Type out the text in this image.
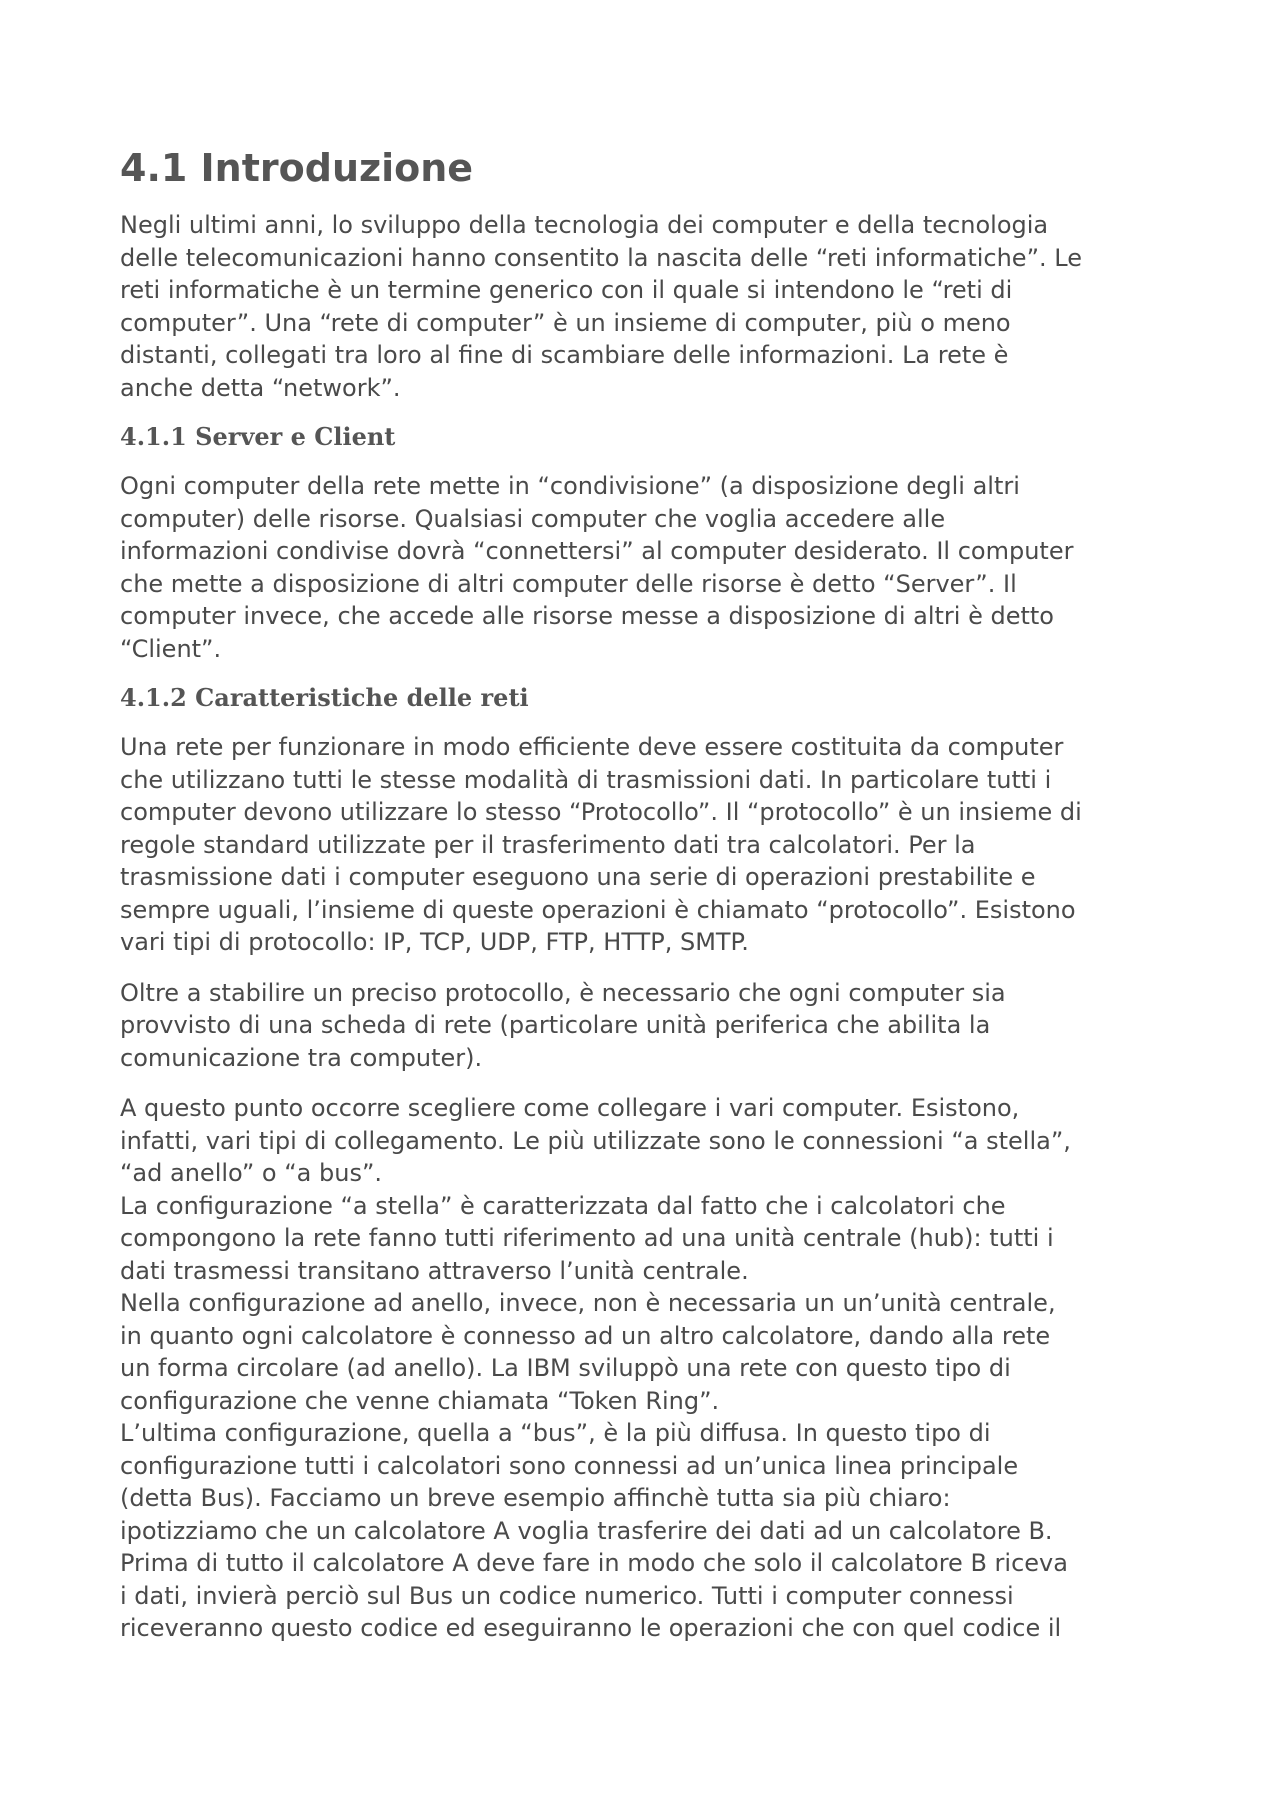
4.1 Introduzione
Negli ultimi anni, lo sviluppo della tecnologia dei computer e della tecnologia
delle telecomunicazioni hanno consentito la nascita delle “reti informatiche”. Le
reti informatiche è un termine generico con il quale si intendono le “reti di
computer”. Una “rete di computer” è un insieme di computer, più o meno
distanti, collegati tra loro al fine di scambiare delle informazioni. La rete è
anche detta “network”.
4.1.1 Server e Client
Ogni computer della rete mette in “condivisione” (a disposizione degli altri
computer) delle risorse. Qualsiasi computer che voglia accedere alle
informazioni condivise dovrà “connettersi” al computer desiderato. Il computer
che mette a disposizione di altri computer delle risorse è detto “Server”. Il
computer invece, che accede alle risorse messe a disposizione di altri è detto
“Client”.
4.1.2 Caratteristiche delle reti
Una rete per funzionare in modo efficiente deve essere costituita da computer
che utilizzano tutti le stesse modalità di trasmissioni dati. In particolare tutti i
computer devono utilizzare lo stesso “Protocollo”. Il “protocollo” è un insieme di
regole standard utilizzate per il trasferimento dati tra calcolatori. Per la
trasmissione dati i computer eseguono una serie di operazioni prestabilite e
sempre uguali, l’insieme di queste operazioni è chiamato “protocollo”. Esistono
vari tipi di protocollo: IP, TCP, UDP, FTP, HTTP, SMTP.
Oltre a stabilire un preciso protocollo, è necessario che ogni computer sia
provvisto di una scheda di rete (particolare unità periferica che abilita la
comunicazione tra computer).
A questo punto occorre scegliere come collegare i vari computer. Esistono,
infatti, vari tipi di collegamento. Le più utilizzate sono le connessioni “a stella”,
“ad anello” o “a bus”.
La configurazione “a stella” è caratterizzata dal fatto che i calcolatori che
compongono la rete fanno tutti riferimento ad una unità centrale (hub): tutti i
dati trasmessi transitano attraverso l’unità centrale.
Nella configurazione ad anello, invece, non è necessaria un un’unità centrale,
in quanto ogni calcolatore è connesso ad un altro calcolatore, dando alla rete
un forma circolare (ad anello). La IBM sviluppò una rete con questo tipo di
configurazione che venne chiamata “Token Ring”.
L’ultima configurazione, quella a “bus”, è la più diffusa. In questo tipo di
configurazione tutti i calcolatori sono connessi ad un’unica linea principale
(detta Bus). Facciamo un breve esempio affinchè tutta sia più chiaro:
ipotizziamo che un calcolatore A voglia trasferire dei dati ad un calcolatore B.
Prima di tutto il calcolatore A deve fare in modo che solo il calcolatore B riceva
i dati, invierà perciò sul Bus un codice numerico. Tutti i computer connessi
riceveranno questo codice ed eseguiranno le operazioni che con quel codice il
